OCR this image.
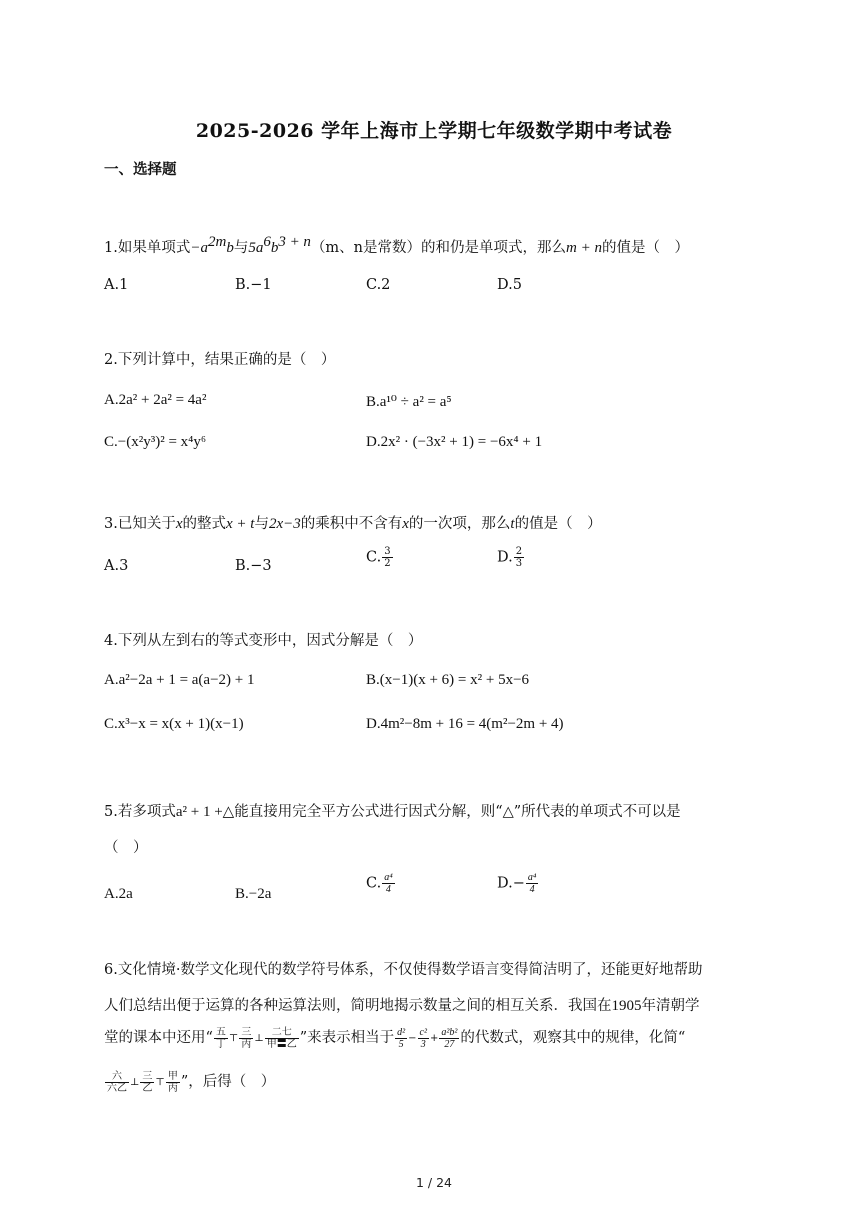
2025-2026 学年上海市上学期七年级数学期中考试卷
一、选择题
1.如果单项式$-a^{2m}b$与$5a^6b^{3 + n}(m$、n是常数）的和仍是单项式，那么m + n的值是（　）
A.1	B.−1	C.2	D.5
2.下列计算中，结果正确的是（　）
A.2a² + 2a² = 4a²	B.a¹⁰ ÷ a² = a⁵
C.−(x²y³)² = x⁴y⁶	D.2x² · (−3x² + 1) = −6x⁴ + 1
3.已知关于x的整式x + t与2x−3的乘积中不含有x的一次项，那么t的值是（　）
A.3	B.−3
C. $\frac{3}{2}$	D. $\frac{2}{3}$
4.下列从左到右的等式变形中，因式分解是（　）
A.a²−2a + 1 = a(a−2) + 1	B.(x−1)(x + 6) = x² + 5x−6
C.x³−x = x(x + 1)(x−1)	D.4m²−8m + 16 = 4(m²−2m + 4)
5.若多项式a² + 1 +△能直接用完全平方公式进行因式分解，则“△”所代表的单项式不可以是
（　）
A.2a	B.−2a
C. $\frac{\text{a⁴}}{4}$	$D.- \frac{\text{a⁴}}{4}$
6.文化情境·数学文化现代的数学符号体系，不仅使得数学语言变得简洁明了，还能更好地帮助
人们总结出便于运算的各种运算法则，简明地揭示数量之间的相互关系．我国在1905年清朝学
堂的课本中还用“ $\frac{\text{五}}{\text{丁}}$ ⊤ $\frac{\text{三}}{\text{丙}}$ ⊥ $\frac{\text{二七}}{\text{甲〓乙}}$ ”来表示相当于 $\frac{\text{d²}}{5} - \frac{\text{c²}}{3} + \frac{\text{a²b²}}{27}$ 的代数式，观察其中的规律，化简“
$\frac{\text{六}}{\text{六乙}}$ ⊥ $\frac{\text{三}}{\text{乙}}$ ⊤ $\frac{\text{甲}}{\text{丙}}$ ”，后得（　）
1 / 24
